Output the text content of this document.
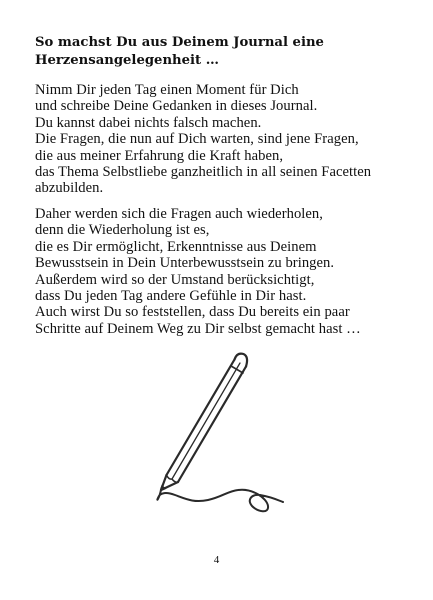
So machst Du aus Deinem Journal eine
Herzensangelegenheit …

Nimm Dir jeden Tag einen Moment für Dich
und schreibe Deine Gedanken in dieses Journal.
Du kannst dabei nichts falsch machen.
Die Fragen, die nun auf Dich warten, sind jene Fragen,
die aus meiner Erfahrung die Kraft haben,
das Thema Selbstliebe ganzheitlich in all seinen Facetten
abzubilden.

Daher werden sich die Fragen auch wiederholen,
denn die Wiederholung ist es,
die es Dir ermöglicht, Erkenntnisse aus Deinem
Bewusstsein in Dein Unterbewusstsein zu bringen.
Außerdem wird so der Umstand berücksichtigt,
dass Du jeden Tag andere Gefühle in Dir hast.
Auch wirst Du so feststellen, dass Du bereits ein paar
Schritte auf Deinem Weg zu Dir selbst gemacht hast …

4
